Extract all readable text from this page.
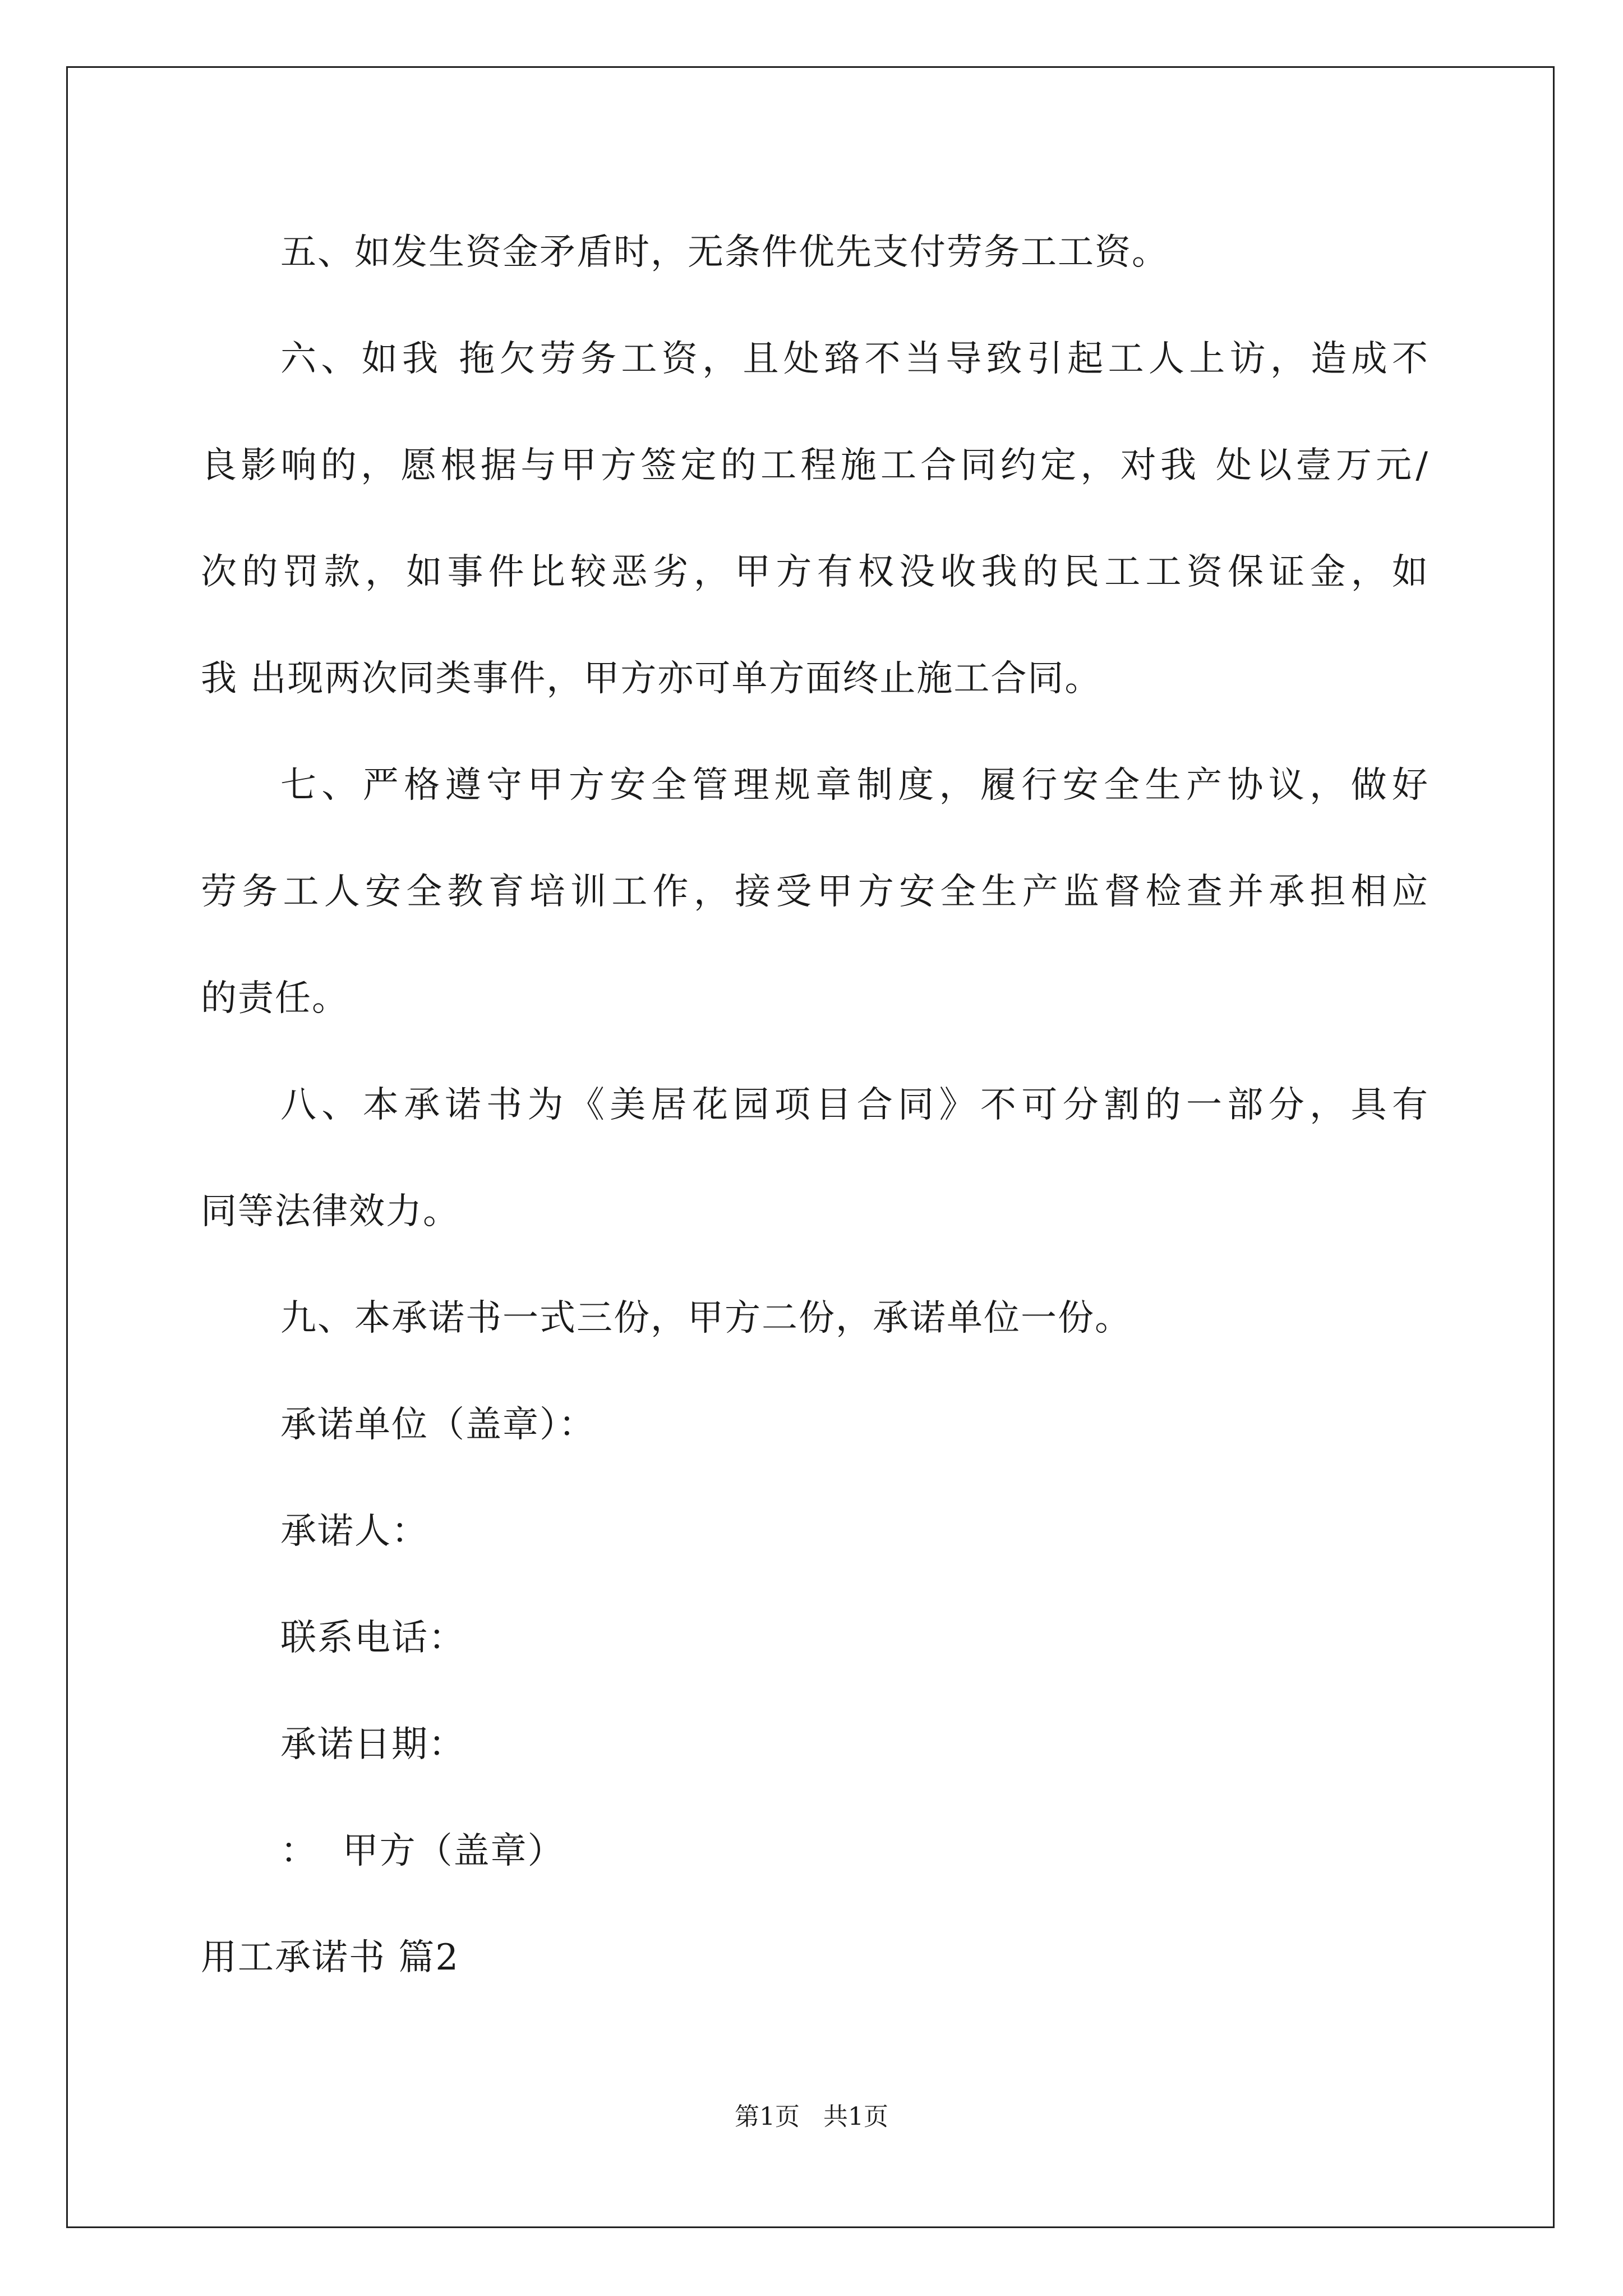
五、如发生资金矛盾时，无条件优先支付劳务工工资。
六、如我 拖欠劳务工资，且处臵不当导致引起工人上访，造成不
良影响的，愿根据与甲方签定的工程施工合同约定，对我 处以壹万元/
次的罚款，如事件比较恶劣，甲方有权没收我的民工工资保证金，如
我 出现两次同类事件，甲方亦可单方面终止施工合同。
七、严格遵守甲方安全管理规章制度，履行安全生产协议，做好
劳务工人安全教育培训工作，接受甲方安全生产监督检查并承担相应
的责任。
八、本承诺书为《美居花园项目合同》不可分割的一部分，具有
同等法律效力。
九、本承诺书一式三份，甲方二份，承诺单位一份。
承诺单位（盖章）：
承诺人：
联系电话：
承诺日期：
：  甲方（盖章）
用工承诺书 篇2
第1页   共1页
